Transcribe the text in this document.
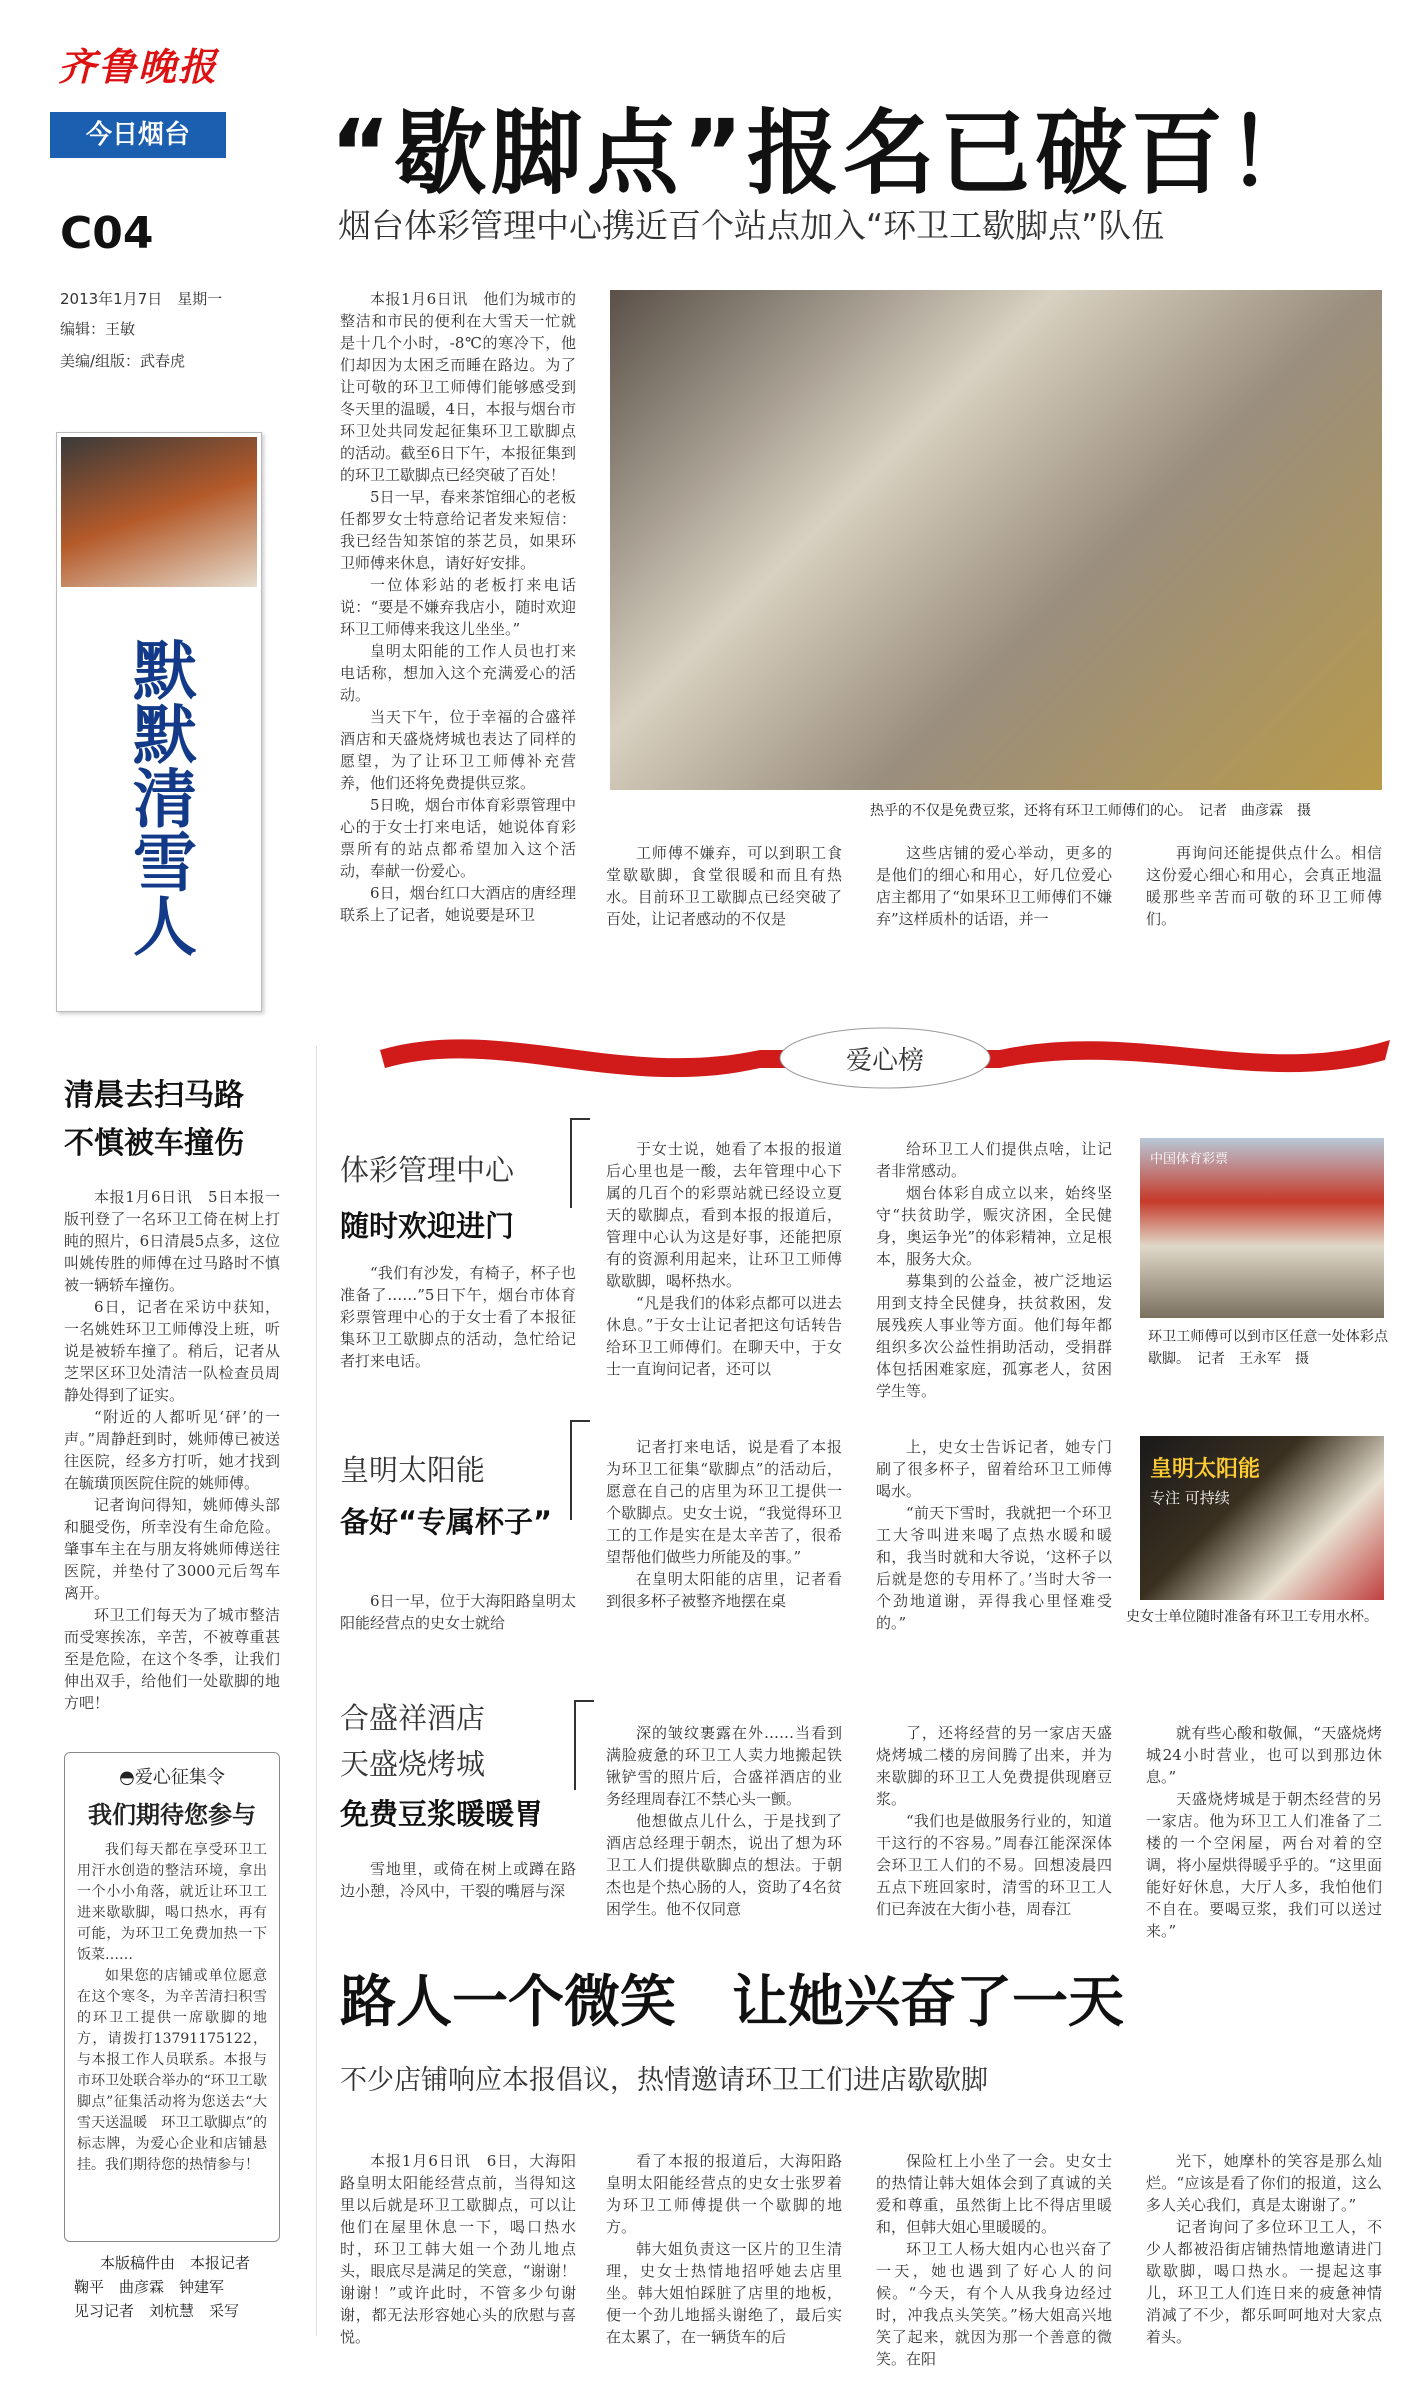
齐鲁晚报
今日烟台
C04
2013年1月7日　星期一
编辑：王敏
美编/组版：武春虎
“歇脚点”报名已破百！
烟台体彩管理中心携近百个站点加入“环卫工歇脚点”队伍
默默清雪人

本报1月6日讯　他们为城市的整洁和市民的便利在大雪天一忙就是十几个小时，-8℃的寒冷下，他们却因为太困乏而睡在路边。为了让可敬的环卫工师傅们能够感受到冬天里的温暖，4日，本报与烟台市环卫处共同发起征集环卫工歇脚点的活动。截至6日下午，本报征集到的环卫工歇脚点已经突破了百处！

5日一早，春来茶馆细心的老板任都罗女士特意给记者发来短信：我已经告知茶馆的茶艺员，如果环卫师傅来休息，请好好安排。

一位体彩站的老板打来电话说：“要是不嫌弃我店小，随时欢迎环卫工师傅来我这儿坐坐。”

皇明太阳能的工作人员也打来电话称，想加入这个充满爱心的活动。

当天下午，位于幸福的合盛祥酒店和天盛烧烤城也表达了同样的愿望，为了让环卫工师傅补充营养，他们还将免费提供豆浆。

5日晚，烟台市体育彩票管理中心的于女士打来电话，她说体育彩票所有的站点都希望加入这个活动，奉献一份爱心。

6日，烟台红口大酒店的唐经理联系上了记者，她说要是环卫

热乎的不仅是免费豆浆，还将有环卫工师傅们的心。　记者　曲彦霖　摄

工师傅不嫌弃，可以到职工食堂歇歇脚，食堂很暖和而且有热水。目前环卫工歇脚点已经突破了百处，让记者感动的不仅是

这些店铺的爱心举动，更多的是他们的细心和用心，好几位爱心店主都用了“如果环卫工师傅们不嫌弃”这样质朴的话语，并一

再询问还能提供点什么。相信这份爱心细心和用心，会真正地温暖那些辛苦而可敬的环卫工师傅们。

爱心榜
清晨去扫马路
不慎被车撞伤

本报1月6日讯　5日本报一版刊登了一名环卫工倚在树上打盹的照片，6日清晨5点多，这位叫姚传胜的师傅在过马路时不慎被一辆轿车撞伤。

6日，记者在采访中获知，一名姚姓环卫工师傅没上班，听说是被轿车撞了。稍后，记者从芝罘区环卫处清洁一队检查员周静处得到了证实。

“附近的人都听见‘砰’的一声。”周静赶到时，姚师傅已被送往医院，经多方打听，她才找到在毓璜顶医院住院的姚师傅。

记者询问得知，姚师傅头部和腿受伤，所幸没有生命危险。肇事车主在与朋友将姚师傅送往医院，并垫付了3000元后驾车离开。

环卫工们每天为了城市整洁而受寒挨冻，辛苦，不被尊重甚至是危险，在这个冬季，让我们伸出双手，给他们一处歇脚的地方吧！

◓爱心征集令
我们期待您参与

我们每天都在享受环卫工用汗水创造的整洁环境，拿出一个小小角落，就近让环卫工进来歇歇脚，喝口热水，再有可能，为环卫工免费加热一下饭菜……

如果您的店铺或单位愿意在这个寒冬，为辛苦清扫积雪的环卫工提供一席歇脚的地方，请拨打13791175122，与本报工作人员联系。本报与市环卫处联合举办的“环卫工歇脚点”征集活动将为您送去“大雪天送温暖　环卫工歇脚点”的标志牌，为爱心企业和店铺悬挂。我们期待您的热情参与！

本版稿件由　本报记者
鞠平　曲彦霖　钟建军
见习记者　刘杭慧　采写
体彩管理中心
随时欢迎进门

“我们有沙发，有椅子，杯子也准备了……”5日下午，烟台市体育彩票管理中心的于女士看了本报征集环卫工歇脚点的活动，急忙给记者打来电话。

于女士说，她看了本报的报道后心里也是一酸，去年管理中心下属的几百个的彩票站就已经设立夏天的歇脚点，看到本报的报道后，管理中心认为这是好事，还能把原有的资源利用起来，让环卫工师傅歇歇脚，喝杯热水。

“凡是我们的体彩点都可以进去休息。”于女士让记者把这句话转告给环卫工师傅们。在聊天中，于女士一直询问记者，还可以

给环卫工人们提供点啥，让记者非常感动。

烟台体彩自成立以来，始终坚守“扶贫助学，赈灾济困，全民健身，奥运争光”的体彩精神，立足根本，服务大众。

募集到的公益金，被广泛地运用到支持全民健身，扶贫救困，发展残疾人事业等方面。他们每年都组织多次公益性捐助活动，受捐群体包括困难家庭，孤寡老人，贫困学生等。

中国体育彩票
环卫工师傅可以到市区任意一处体彩点歇脚。　记者　王永军　摄
皇明太阳能
备好“专属杯子”

6日一早，位于大海阳路皇明太阳能经营点的史女士就给

记者打来电话，说是看了本报为环卫工征集“歇脚点”的活动后，愿意在自己的店里为环卫工提供一个歇脚点。史女士说，“我觉得环卫工的工作是实在是太辛苦了，很希望帮他们做些力所能及的事。”

在皇明太阳能的店里，记者看到很多杯子被整齐地摆在桌

上，史女士告诉记者，她专门刷了很多杯子，留着给环卫工师傅喝水。

“前天下雪时，我就把一个环卫工大爷叫进来喝了点热水暖和暖和，我当时就和大爷说，‘这杯子以后就是您的专用杯了。’当时大爷一个劲地道谢，弄得我心里怪难受的。”

皇明太阳能
专注 可持续
史女士单位随时准备有环卫工专用水杯。
合盛祥酒店
天盛烧烤城
免费豆浆暖暖胃

雪地里，或倚在树上或蹲在路边小憩，冷风中，干裂的嘴唇与深

深的皱纹裹露在外……当看到满脸疲惫的环卫工人卖力地搬起铁锹铲雪的照片后，合盛祥酒店的业务经理周春江不禁心头一颤。

他想做点儿什么，于是找到了酒店总经理于朝杰，说出了想为环卫工人们提供歇脚点的想法。于朝杰也是个热心肠的人，资助了4名贫困学生。他不仅同意

了，还将经营的另一家店天盛烧烤城二楼的房间腾了出来，并为来歇脚的环卫工人免费提供现磨豆浆。

“我们也是做服务行业的，知道干这行的不容易。”周春江能深深体会环卫工人们的不易。回想凌晨四五点下班回家时，清雪的环卫工人们已奔波在大街小巷，周春江

就有些心酸和敬佩，“天盛烧烤城24小时营业，也可以到那边休息。”

天盛烧烤城是于朝杰经营的另一家店。他为环卫工人们准备了二楼的一个空闲屋，两台对着的空调，将小屋烘得暖乎乎的。“这里面能好好休息，大厅人多，我怕他们不自在。要喝豆浆，我们可以送过来。”

路人一个微笑　让她兴奋了一天
不少店铺响应本报倡议，热情邀请环卫工们进店歇歇脚

本报1月6日讯　6日，大海阳路皇明太阳能经营点前，当得知这里以后就是环卫工歇脚点，可以让他们在屋里休息一下，喝口热水时，环卫工韩大姐一个劲儿地点头，眼底尽是满足的笑意，“谢谢！谢谢！”或许此时，不管多少句谢谢，都无法形容她心头的欣慰与喜悦。

看了本报的报道后，大海阳路皇明太阳能经营点的史女士张罗着为环卫工师傅提供一个歇脚的地方。

韩大姐负责这一区片的卫生清理，史女士热情地招呼她去店里坐。韩大姐怕踩脏了店里的地板，便一个劲儿地摇头谢绝了，最后实在太累了，在一辆货车的后

保险杠上小坐了一会。史女士的热情让韩大姐体会到了真诚的关爱和尊重，虽然街上比不得店里暖和，但韩大姐心里暖暖的。

环卫工人杨大姐内心也兴奋了一天，她也遇到了好心人的问候。“今天，有个人从我身边经过时，冲我点头笑笑。”杨大姐高兴地笑了起来，就因为那一个善意的微笑。在阳

光下，她摩朴的笑容是那么灿烂。“应该是看了你们的报道，这么多人关心我们，真是太谢谢了。”

记者询问了多位环卫工人，不少人都被沿街店铺热情地邀请进门歇歇脚，喝口热水。一提起这事儿，环卫工人们连日来的疲惫神情消减了不少，都乐呵呵地对大家点着头。
